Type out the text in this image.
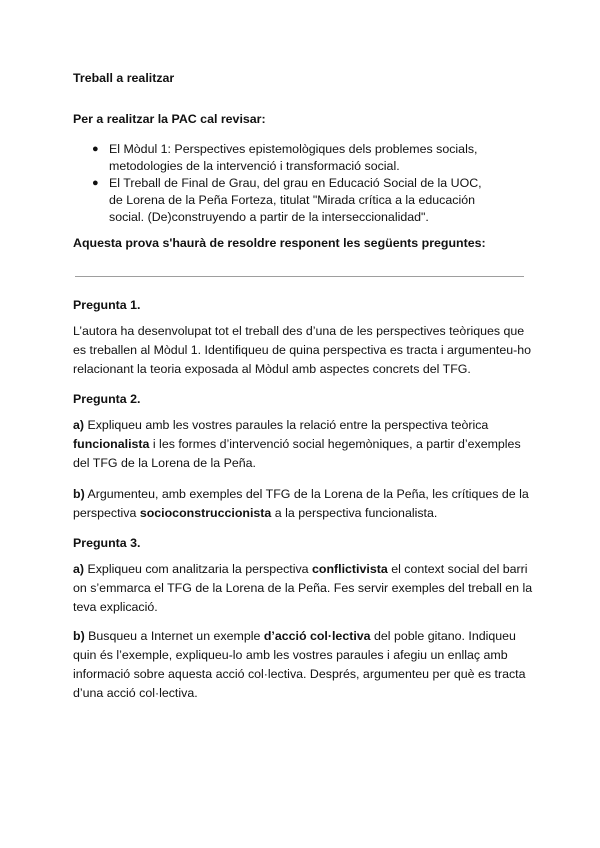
Treball a realitzar

Per a realitzar la PAC cal revisar:

● El Mòdul 1: Perspectives epistemològiques dels problemes socials, metodologies de la intervenció i transformació social.
● El Treball de Final de Grau, del grau en Educació Social de la UOC, de Lorena de la Peña Forteza, titulat "Mirada crítica a la educación social. (De)construyendo a partir de la interseccionalidad".

Aquesta prova s'haurà de resoldre responent les següents preguntes:

Pregunta 1.

L’autora ha desenvolupat tot el treball des d’una de les perspectives teòriques que es treballen al Mòdul 1. Identifiqueu de quina perspectiva es tracta i argumenteu-ho relacionant la teoria exposada al Mòdul amb aspectes concrets del TFG.

Pregunta 2.

a) Expliqueu amb les vostres paraules la relació entre la perspectiva teòrica funcionalista i les formes d’intervenció social hegemòniques, a partir d’exemples del TFG de la Lorena de la Peña.

b) Argumenteu, amb exemples del TFG de la Lorena de la Peña, les crítiques de la perspectiva socioconstruccionista a la perspectiva funcionalista.

Pregunta 3.

a) Expliqueu com analitzaria la perspectiva conflictivista el context social del barri on s’emmarca el TFG de la Lorena de la Peña. Fes servir exemples del treball en la teva explicació.

b) Busqueu a Internet un exemple d’acció col·lectiva del poble gitano. Indiqueu quin és l’exemple, expliqueu-lo amb les vostres paraules i afegiu un enllaç amb informació sobre aquesta acció col·lectiva. Després, argumenteu per què es tracta d’una acció col·lectiva.
